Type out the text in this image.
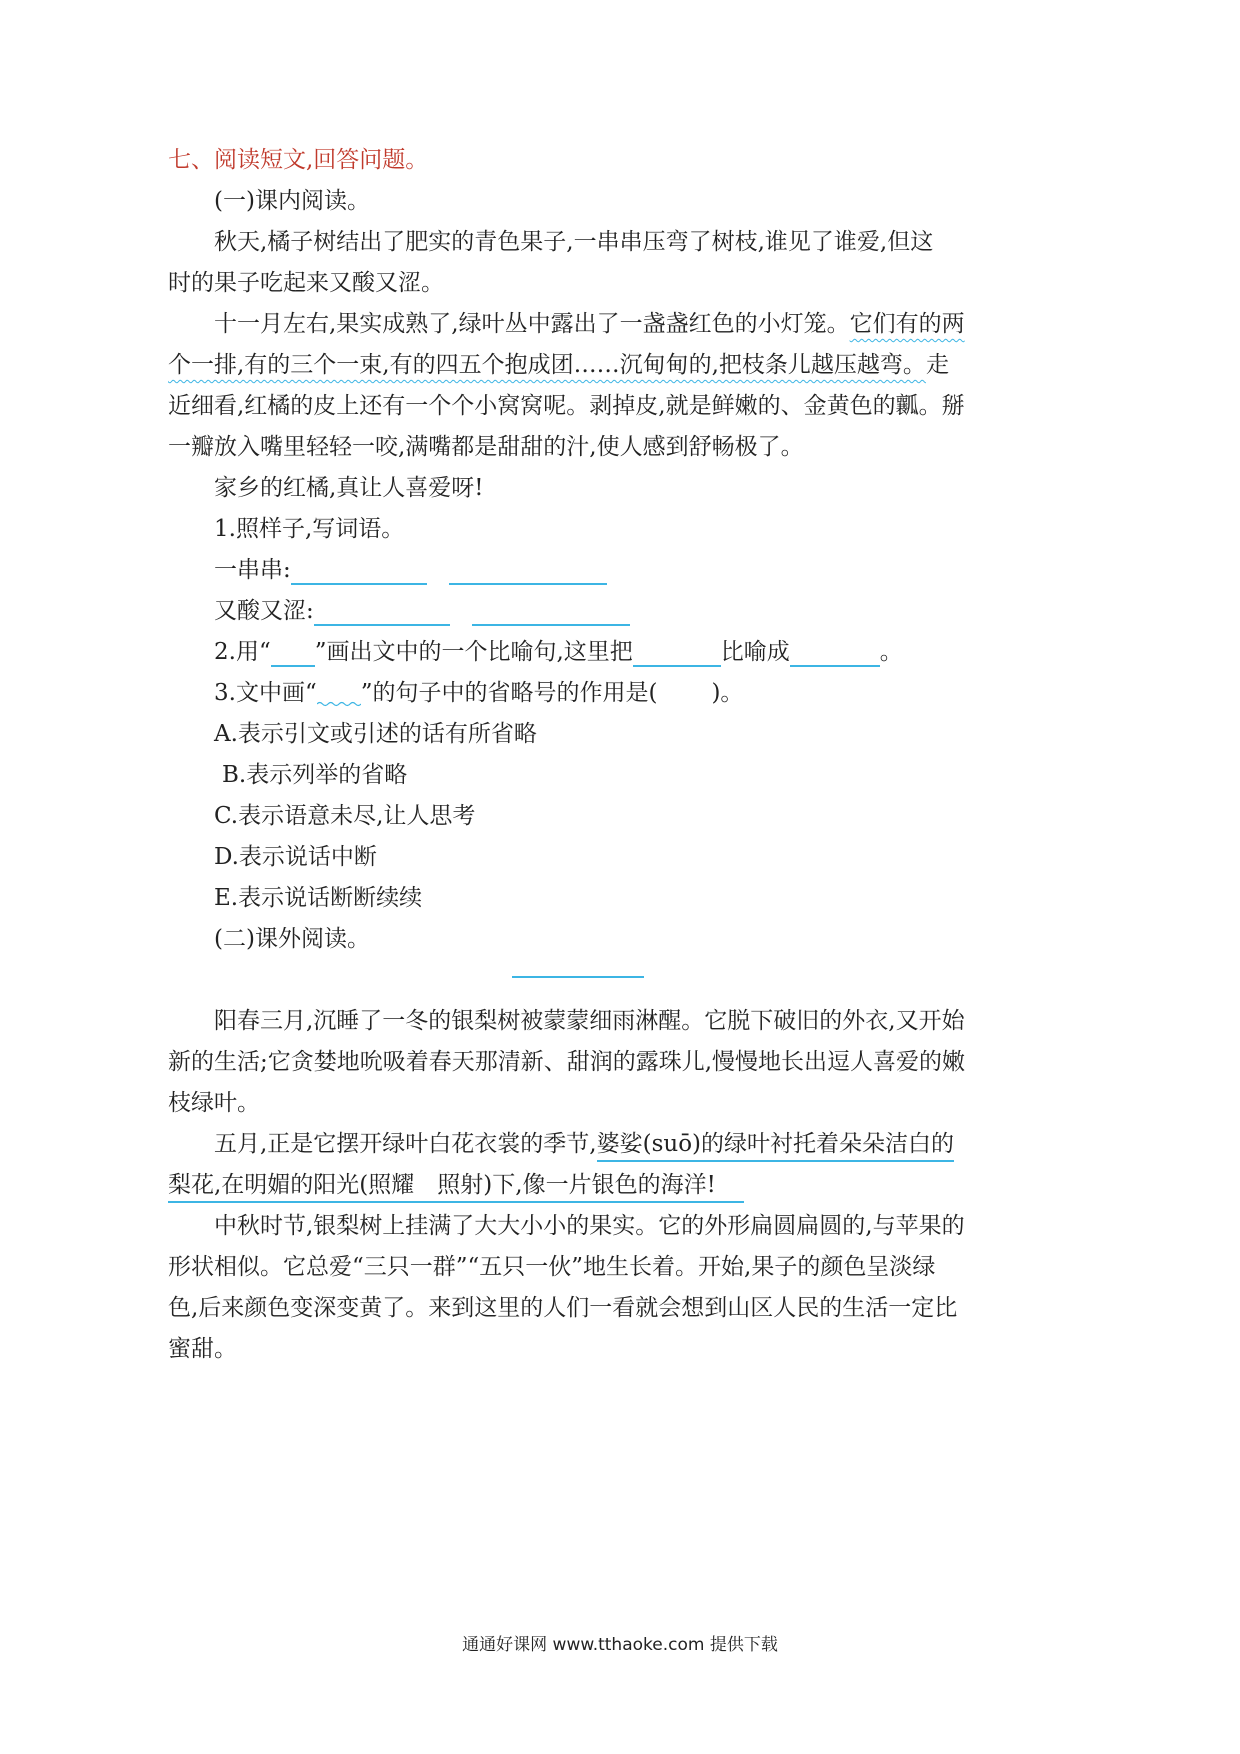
七、阅读短文,回答问题。
(一)课内阅读。
秋天,橘子树结出了肥实的青色果子,一串串压弯了树枝,谁见了谁爱,但这
时的果子吃起来又酸又涩。
十一月左右,果实成熟了,绿叶丛中露出了一盏盏红色的小灯笼。它们有的两
个一排,有的三个一束,有的四五个抱成团……沉甸甸的,把枝条儿越压越弯。走
近细看,红橘的皮上还有一个个小窝窝呢。剥掉皮,就是鲜嫩的、金黄色的瓤。掰
一瓣放入嘴里轻轻一咬,满嘴都是甜甜的汁,使人感到舒畅极了。
家乡的红橘,真让人喜爱呀!
1.照样子,写词语。
一串串:
又酸又涩:
2.用“ ”画出文中的一个比喻句,这里把	比喻成	。
3.文中画“ ”的句子中的省略号的作用是( )。
A.表示引文或引述的话有所省略
B.表示列举的省略
C.表示语意未尽,让人思考
D.表示说话中断
E.表示说话断断续续
(二)课外阅读。
阳春三月,沉睡了一冬的银梨树被蒙蒙细雨淋醒。它脱下破旧的外衣,又开始
新的生活;它贪婪地吮吸着春天那清新、甜润的露珠儿,慢慢地长出逗人喜爱的嫩
枝绿叶。
五月,正是它摆开绿叶白花衣裳的季节,婆娑(suō)的绿叶衬托着朵朵洁白的
梨花,在明媚的阳光(照耀　照射)下,像一片银色的海洋!
中秋时节,银梨树上挂满了大大小小的果实。它的外形扁圆扁圆的,与苹果的
形状相似。它总爱“三只一群”“五只一伙”地生长着。开始,果子的颜色呈淡绿
色,后来颜色变深变黄了。来到这里的人们一看就会想到山区人民的生活一定比
蜜甜。
通通好课网 www.tthaoke.com 提供下载
